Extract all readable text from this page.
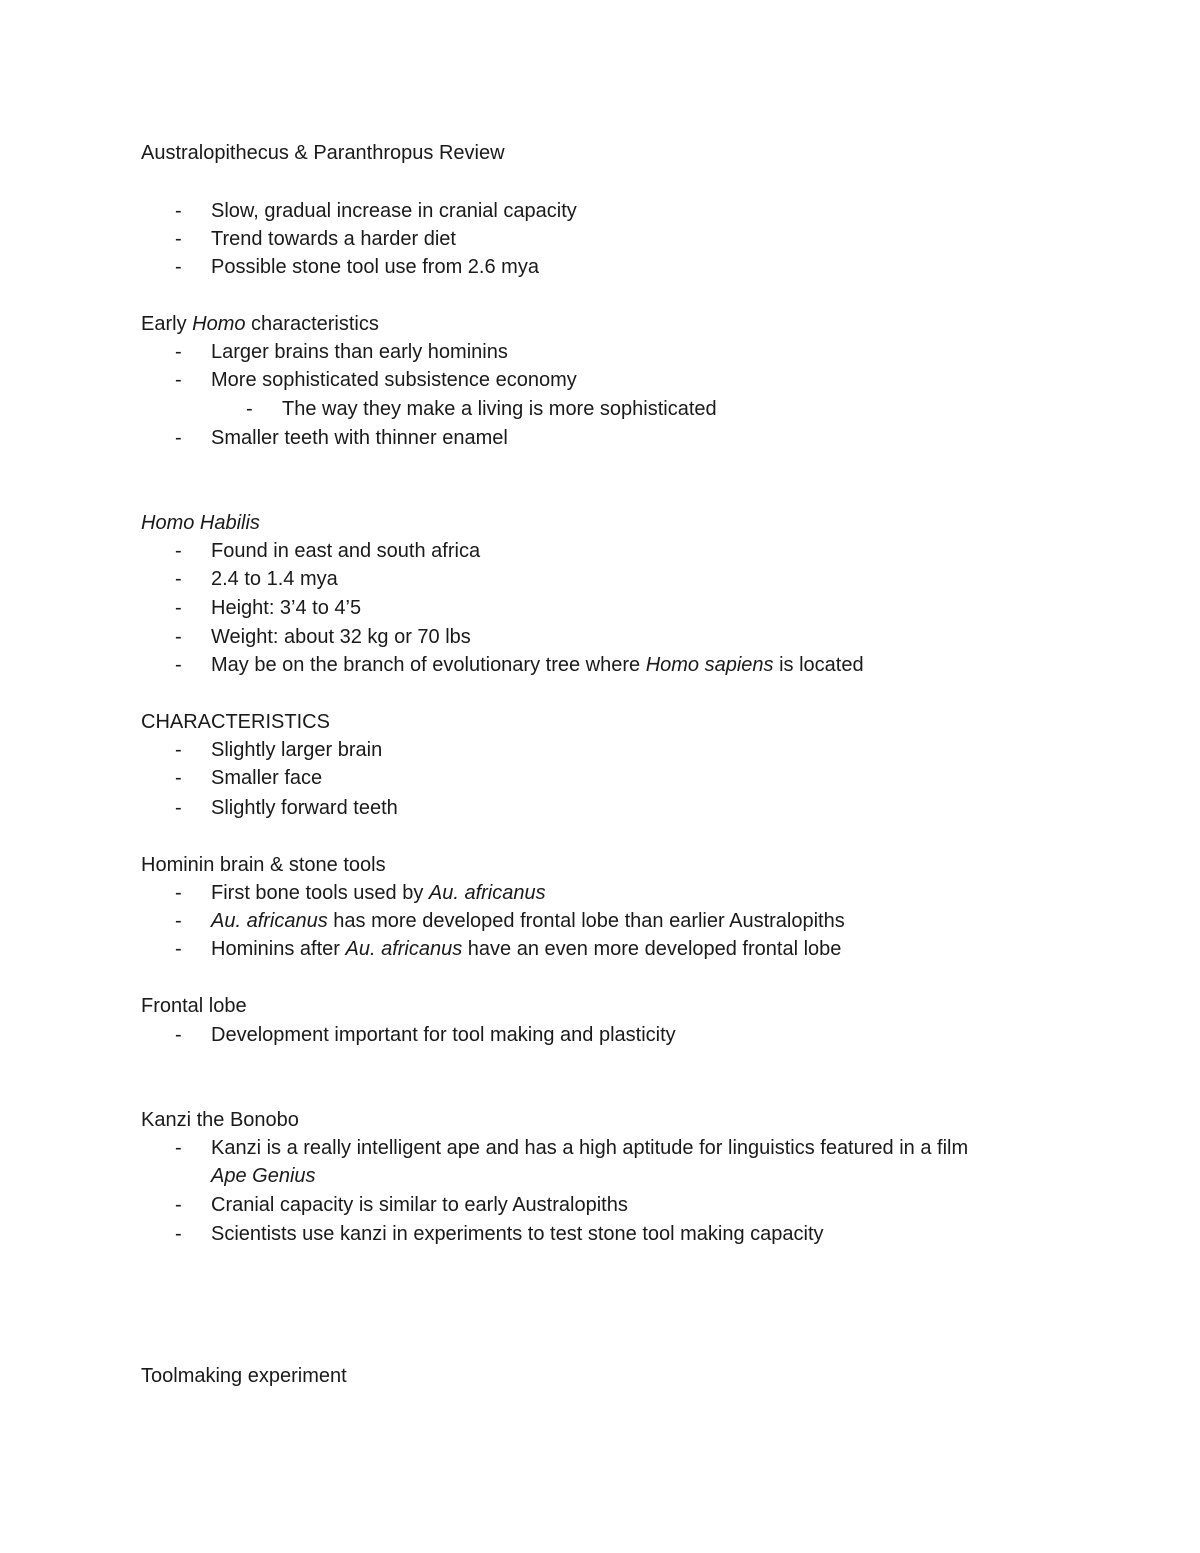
Australopithecus & Paranthropus Review
- Slow, gradual increase in cranial capacity
- Trend towards a harder diet
- Possible stone tool use from 2.6 mya
Early Homo characteristics
- Larger brains than early hominins
- More sophisticated subsistence economy
- The way they make a living is more sophisticated
- Smaller teeth with thinner enamel
Homo Habilis
- Found in east and south africa
- 2.4 to 1.4 mya
- Height: 3’4 to 4’5
- Weight: about 32 kg or 70 lbs
- May be on the branch of evolutionary tree where Homo sapiens is located
CHARACTERISTICS
- Slightly larger brain
- Smaller face
- Slightly forward teeth
Hominin brain & stone tools
- First bone tools used by Au. africanus
- Au. africanus has more developed frontal lobe than earlier Australopiths
- Hominins after Au. africanus have an even more developed frontal lobe
Frontal lobe
- Development important for tool making and plasticity
Kanzi the Bonobo
- Kanzi is a really intelligent ape and has a high aptitude for linguistics featured in a film
Ape Genius
- Cranial capacity is similar to early Australopiths
- Scientists use kanzi in experiments to test stone tool making capacity
Toolmaking experiment
